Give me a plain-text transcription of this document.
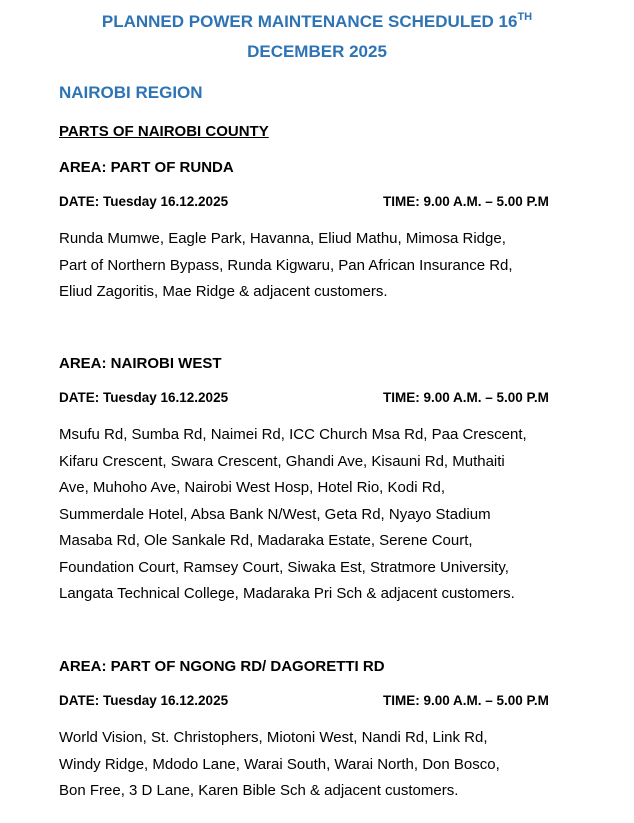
PLANNED POWER MAINTENANCE SCHEDULED 16TH
DECEMBER 2025
NAIROBI REGION
PARTS OF NAIROBI COUNTY
AREA: PART OF RUNDA
DATE: Tuesday 16.12.2025	TIME: 9.00 A.M. – 5.00 P.M
Runda Mumwe, Eagle Park, Havanna, Eliud Mathu, Mimosa Ridge,
Part of Northern Bypass, Runda Kigwaru, Pan African Insurance Rd,
Eliud Zagoritis, Mae Ridge & adjacent customers.
AREA: NAIROBI WEST
DATE: Tuesday 16.12.2025	TIME: 9.00 A.M. – 5.00 P.M
Msufu Rd, Sumba Rd, Naimei Rd, ICC Church Msa Rd, Paa Crescent,
Kifaru Crescent, Swara Crescent, Ghandi Ave, Kisauni Rd, Muthaiti
Ave, Muhoho Ave, Nairobi West Hosp, Hotel Rio, Kodi Rd,
Summerdale Hotel, Absa Bank N/West, Geta Rd, Nyayo Stadium
Masaba Rd, Ole Sankale Rd, Madaraka Estate, Serene Court,
Foundation Court, Ramsey Court, Siwaka Est, Stratmore University,
Langata Technical College, Madaraka Pri Sch & adjacent customers.
AREA: PART OF NGONG RD/ DAGORETTI RD
DATE: Tuesday 16.12.2025	TIME: 9.00 A.M. – 5.00 P.M
World Vision, St. Christophers, Miotoni West, Nandi Rd, Link Rd,
Windy Ridge, Mdodo Lane, Warai South, Warai North, Don Bosco,
Bon Free, 3 D Lane, Karen Bible Sch & adjacent customers.
